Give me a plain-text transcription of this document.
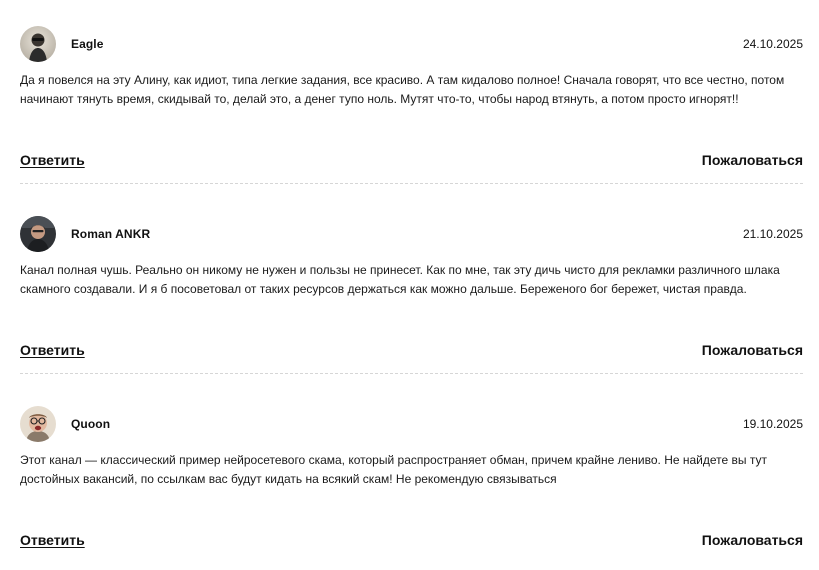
Eagle	24.10.2025
Да я повелся на эту Алину, как идиот, типа легкие задания, все красиво. А там кидалово полное! Сначала говорят, что все честно, потом начинают тянуть время, скидывай то, делай это, а денег тупо ноль. Мутят что-то, чтобы народ втянуть, а потом просто игнорят!!
Ответить	Пожаловаться
Roman ANKR	21.10.2025
Канал полная чушь. Реально он никому не нужен и пользы не принесет. Как по мне, так эту дичь чисто для рекламки различного шлака скамного создавали. И я б посоветовал от таких ресурсов держаться как можно дальше. Береженого бог бережет, чистая правда.
Ответить	Пожаловаться
Quoon	19.10.2025
Этот канал — классический пример нейросетевого скама, который распространяет обман, причем крайне лениво. Не найдете вы тут достойных вакансий, по ссылкам вас будут кидать на всякий скам! Не рекомендую связываться
Ответить	Пожаловаться
